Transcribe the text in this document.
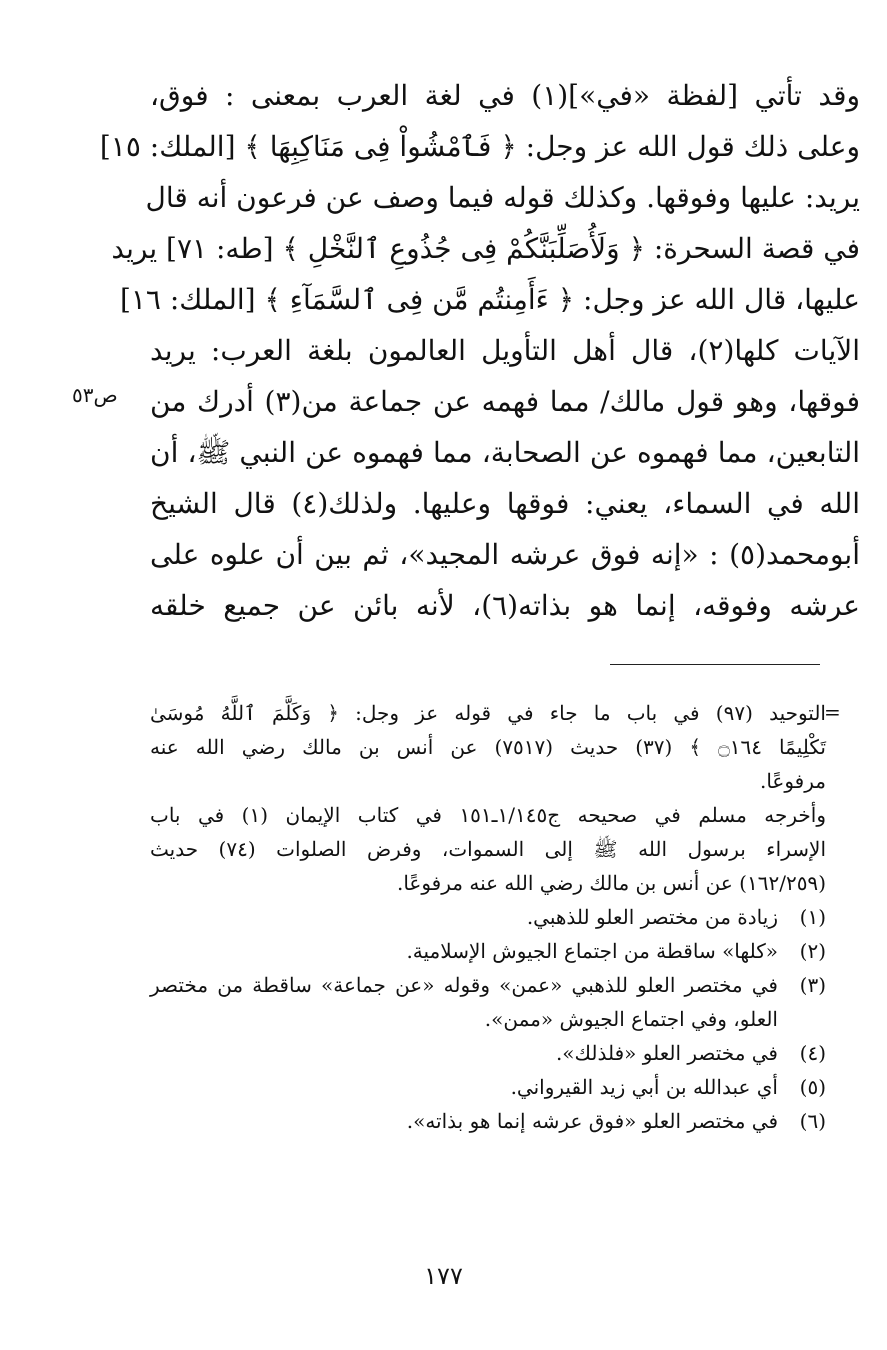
وقد تأتي [لفظة «في»](١) في لغة العرب بمعنى : فوق،
وعلى ذلك قول الله عز وجل: ﴿ فَٱمْشُواْ فِى مَنَاكِبِهَا ﴾ [الملك: ١٥]
يريد: عليها وفوقها. وكذلك قوله فيما وصف عن فرعون أنه قال
في قصة السحرة: ﴿ وَلَأُصَلِّبَنَّكُمْ فِى جُذُوعِ ٱلنَّخْلِ ﴾ [طه: ٧١] يريد
عليها، قال الله عز وجل: ﴿ ءَأَمِنتُم مَّن فِى ٱلسَّمَآءِ ﴾ [الملك: ١٦]
الآيات كلها(٢)، قال أهل التأويل العالمون بلغة العرب: يريد
فوقها، وهو قول مالك/ مما فهمه عن جماعة من(٣) أدرك من
التابعين، مما فهموه عن الصحابة، مما فهموه عن النبي ﷺ، أن
الله في السماء، يعني: فوقها وعليها. ولذلك(٤) قال الشيخ
أبومحمد(٥) : «إنه فوق عرشه المجيد»، ثم بين أن علوه على
عرشه وفوقه، إنما هو بذاته(٦)، لأنه بائن عن جميع خلقه
ص٥٣
=
التوحيد (٩٧) في باب ما جاء في قوله عز وجل: ﴿ وَكَلَّمَ ٱللَّهُ مُوسَىٰ
تَكْلِيمًا ۝١٦٤ ﴾ (٣٧) حديث (٧٥١٧) عن أنس بن مالك رضي الله عنه
مرفوعًا.
وأخرجه مسلم في صحيحه ج١/١٤٥ـ١٥١ في كتاب الإيمان (١) في باب
الإسراء برسول الله ﷺ إلى السموات، وفرض الصلوات (٧٤) حديث
(١٦٢/٢٥٩) عن أنس بن مالك رضي الله عنه مرفوعًا.
(١)
زيادة من مختصر العلو للذهبي.
(٢)
«كلها» ساقطة من اجتماع الجيوش الإسلامية.
(٣)
في مختصر العلو للذهبي «عمن» وقوله «عن جماعة» ساقطة من مختصر
العلو، وفي اجتماع الجيوش «ممن».
(٤)
في مختصر العلو «فلذلك».
(٥)
أي عبدالله بن أبي زيد القيرواني.
(٦)
في مختصر العلو «فوق عرشه إنما هو بذاته».
١٧٧
